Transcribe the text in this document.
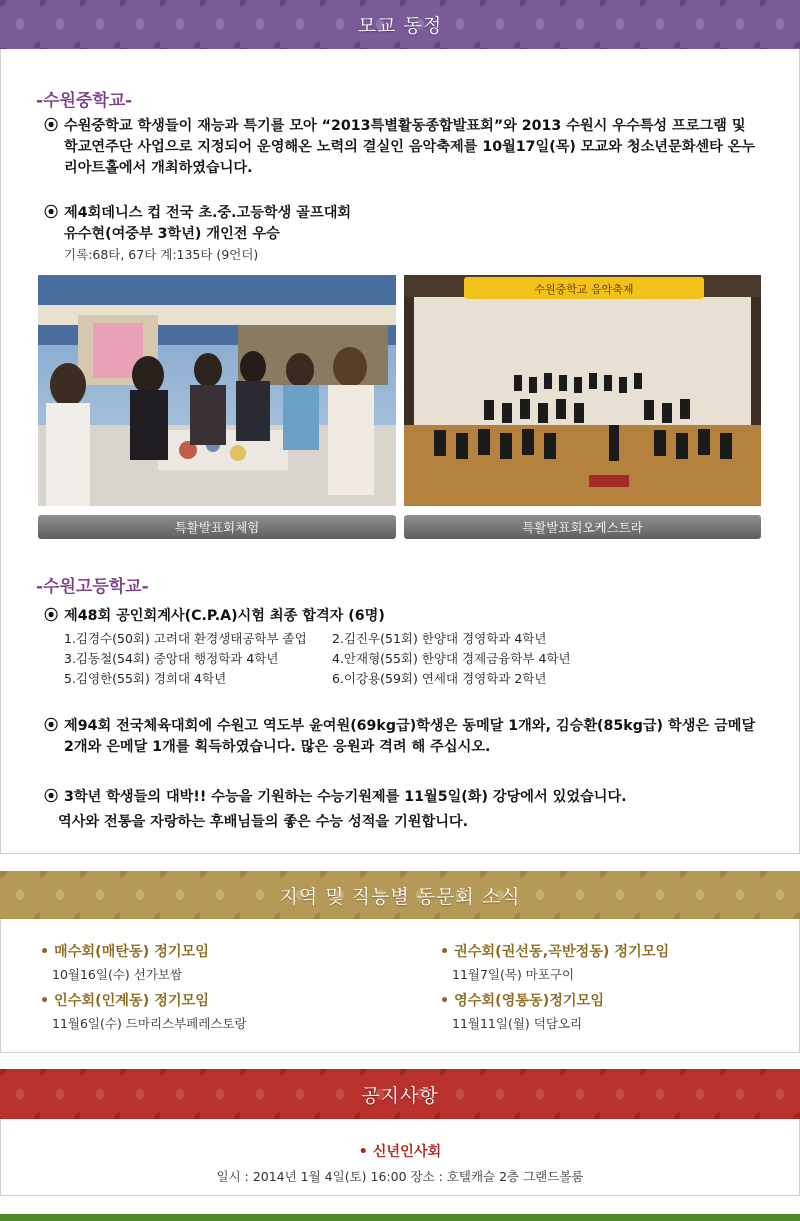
모교 동정
-수원중학교-
⦿ 수원중학교 학생들이 재능과 특기를 모아 “2013특별활동종합발표회”와 2013 수원시 우수특성 프로그램 및 학교연주단 사업으로 지정되어 운영해온 노력의 결실인 음악축제를 10월17일(목) 모교와 청소년문화센타 온누리아트홀에서 개최하였습니다.
⦿ 제4회데니스 컵 전국 초.중.고등학생 골프대회
유수현(여중부 3학년) 개인전 우승
기록:68타, 67타 계:135타 (9언더)
수원중학교 음악축제
특활발표회체험	특활발표회오케스트라
-수원고등학교-
⦿ 제48회 공인회계사(C.P.A)시험 최종 합격자 (6명)
1.김경수(50회) 고려대 환경생태공학부 졸업
3.김동철(54회) 중앙대 행정학과 4학년
5.김영한(55회) 경희대 4학년
2.김진우(51회) 한양대 경영학과 4학년
4.안재형(55회) 한양대 경제금융학부 4학년
6.이강용(59회) 연세대 경영학과 2학년
⦿ 제94회 전국체육대회에 수원고 역도부 윤여원(69kg급)학생은 동메달 1개와, 김승환(85kg급) 학생은 금메달 2개와 은메달 1개를 획득하였습니다. 많은 응원과 격려 해 주십시오.
⦿ 3학년 학생들의 대박!! 수능을 기원하는 수능기원제를 11월5일(화) 강당에서 있었습니다.
역사와 전통을 자랑하는 후배님들의 좋은 수능 성적을 기원합니다.
지역 및 직능별 동문회 소식
• 매수회(매탄동) 정기모임
10월16일(수) 선가보쌈
• 권수회(권선동,곡반정동) 정기모임
11월7일(목) 마포구이
• 인수회(인계동) 정기모임
11월6일(수) 드마리스부페레스토랑
• 영수회(영통동)정기모임
11월11일(월) 덕담오리
공지사항
• 신년인사회
일시 : 2014년 1월 4일(토) 16:00 장소 : 호텔캐슬 2층 그랜드볼룸
